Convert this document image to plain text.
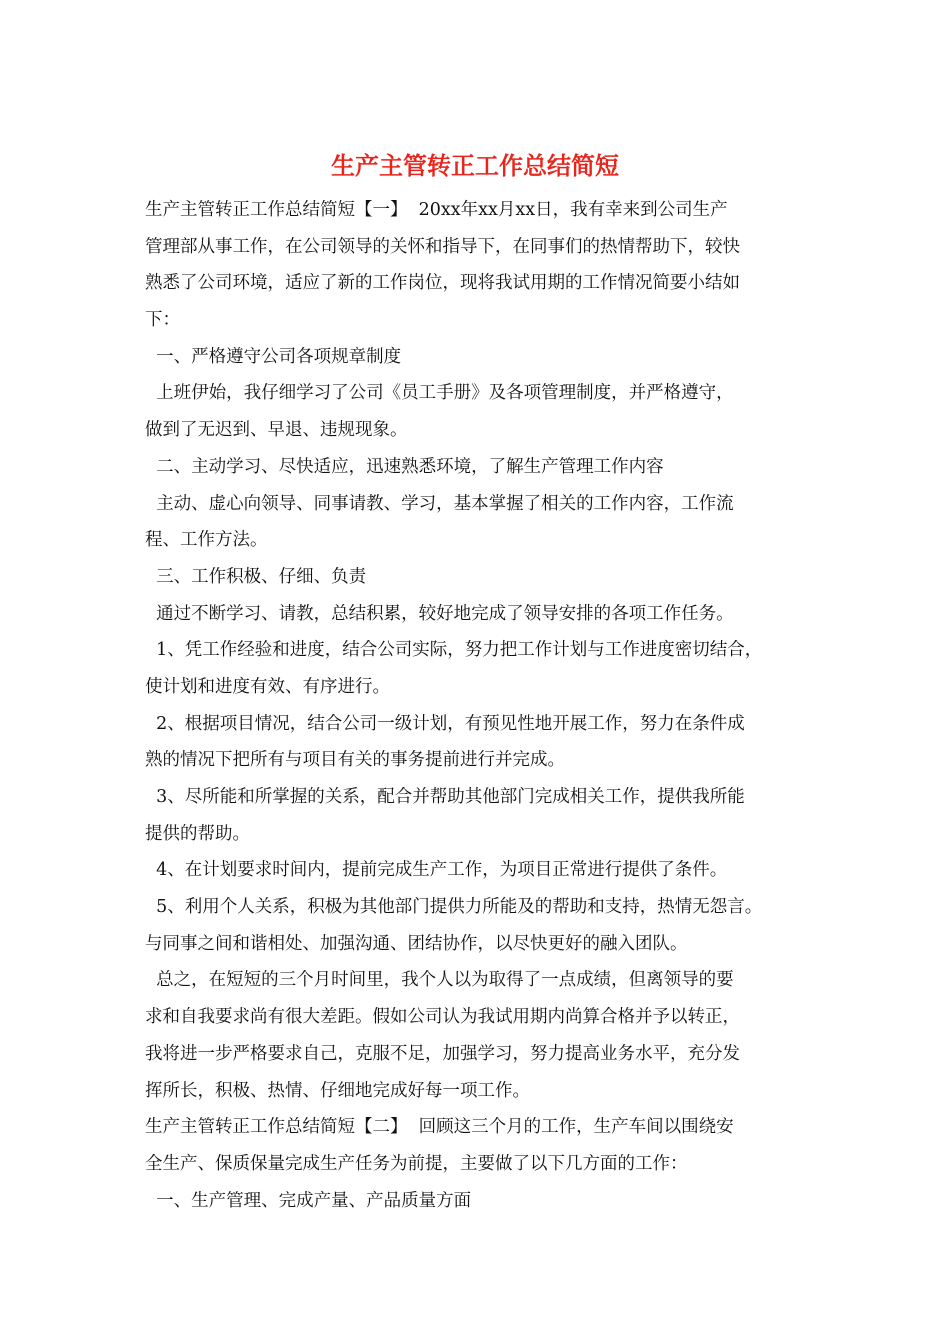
生产主管转正工作总结简短
生产主管转正工作总结简短【一】  20xx年xx月xx日，我有幸来到公司生产
管理部从事工作，在公司领导的关怀和指导下，在同事们的热情帮助下，较快
熟悉了公司环境，适应了新的工作岗位，现将我试用期的工作情况简要小结如
下：
一、严格遵守公司各项规章制度
上班伊始，我仔细学习了公司《员工手册》及各项管理制度，并严格遵守，
做到了无迟到、早退、违规现象。
二、主动学习、尽快适应，迅速熟悉环境，了解生产管理工作内容
主动、虚心向领导、同事请教、学习，基本掌握了相关的工作内容，工作流
程、工作方法。
三、工作积极、仔细、负责
通过不断学习、请教，总结积累，较好地完成了领导安排的各项工作任务。
1、凭工作经验和进度，结合公司实际，努力把工作计划与工作进度密切结合，
使计划和进度有效、有序进行。
2、根据项目情况，结合公司一级计划，有预见性地开展工作，努力在条件成
熟的情况下把所有与项目有关的事务提前进行并完成。
3、尽所能和所掌握的关系，配合并帮助其他部门完成相关工作，提供我所能
提供的帮助。
4、在计划要求时间内，提前完成生产工作，为项目正常进行提供了条件。
5、利用个人关系，积极为其他部门提供力所能及的帮助和支持，热情无怨言。
与同事之间和谐相处、加强沟通、团结协作，以尽快更好的融入团队。
总之，在短短的三个月时间里，我个人以为取得了一点成绩，但离领导的要
求和自我要求尚有很大差距。假如公司认为我试用期内尚算合格并予以转正，
我将进一步严格要求自己，克服不足，加强学习，努力提高业务水平，充分发
挥所长，积极、热情、仔细地完成好每一项工作。
生产主管转正工作总结简短【二】  回顾这三个月的工作，生产车间以围绕安
全生产、保质保量完成生产任务为前提，主要做了以下几方面的工作：
一、生产管理、完成产量、产品质量方面
